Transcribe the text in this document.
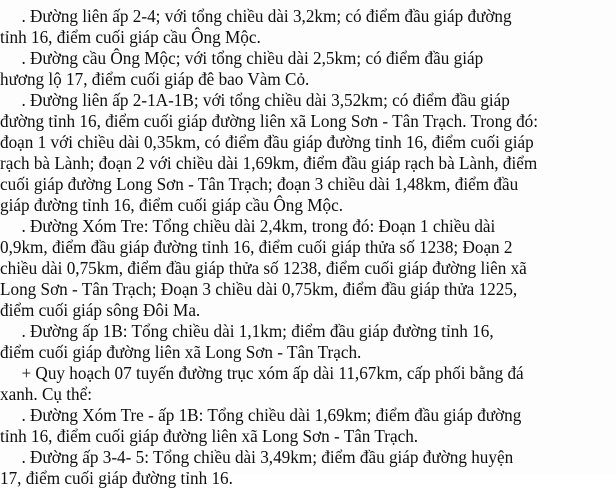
. Đường liên ấp 2-4; với tổng chiều dài 3,2km; có điểm đầu giáp đường
tỉnh 16, điểm cuối giáp cầu Ông Mộc.
. Đường cầu Ông Mộc; với tổng chiều dài 2,5km; có điểm đầu giáp
hương lộ 17, điểm cuối giáp đê bao Vàm Cỏ.
. Đường liên ấp 2-1A-1B; với tổng chiều dài 3,52km; có điểm đầu giáp
đường tỉnh 16, điểm cuối giáp đường liên xã Long Sơn - Tân Trạch. Trong đó:
đoạn 1 với chiều dài 0,35km, có điểm đầu giáp đường tỉnh 16, điểm cuối giáp
rạch bà Lành; đoạn 2 với chiều dài 1,69km, điểm đầu giáp rạch bà Lành, điểm
cuối giáp đường Long Sơn - Tân Trạch; đoạn 3 chiều dài 1,48km, điểm đầu
giáp đường tỉnh 16, điểm cuối giáp cầu Ông Mộc.
. Đường Xóm Tre: Tổng chiều dài 2,4km, trong đó: Đoạn 1 chiều dài
0,9km, điểm đầu giáp đường tỉnh 16, điểm cuối giáp thửa số 1238; Đoạn 2
chiều dài 0,75km, điểm đầu giáp thửa số 1238, điểm cuối giáp đường liên xã
Long Sơn - Tân Trạch; Đoạn 3 chiều dài 0,75km, điểm đầu giáp thửa 1225,
điểm cuối giáp sông Đôi Ma.
. Đường ấp 1B: Tổng chiều dài 1,1km; điểm đầu giáp đường tỉnh 16,
điểm cuối giáp đường liên xã Long Sơn - Tân Trạch.
+ Quy hoạch 07 tuyến đường trục xóm ấp dài 11,67km, cấp phối bằng đá
xanh. Cụ thể:
. Đường Xóm Tre - ấp 1B: Tổng chiều dài 1,69km; điểm đầu giáp đường
tỉnh 16, điểm cuối giáp đường liên xã Long Sơn - Tân Trạch.
. Đường ấp 3-4- 5: Tổng chiều dài 3,49km; điểm đầu giáp đường huyện
17, điểm cuối giáp đường tỉnh 16.
